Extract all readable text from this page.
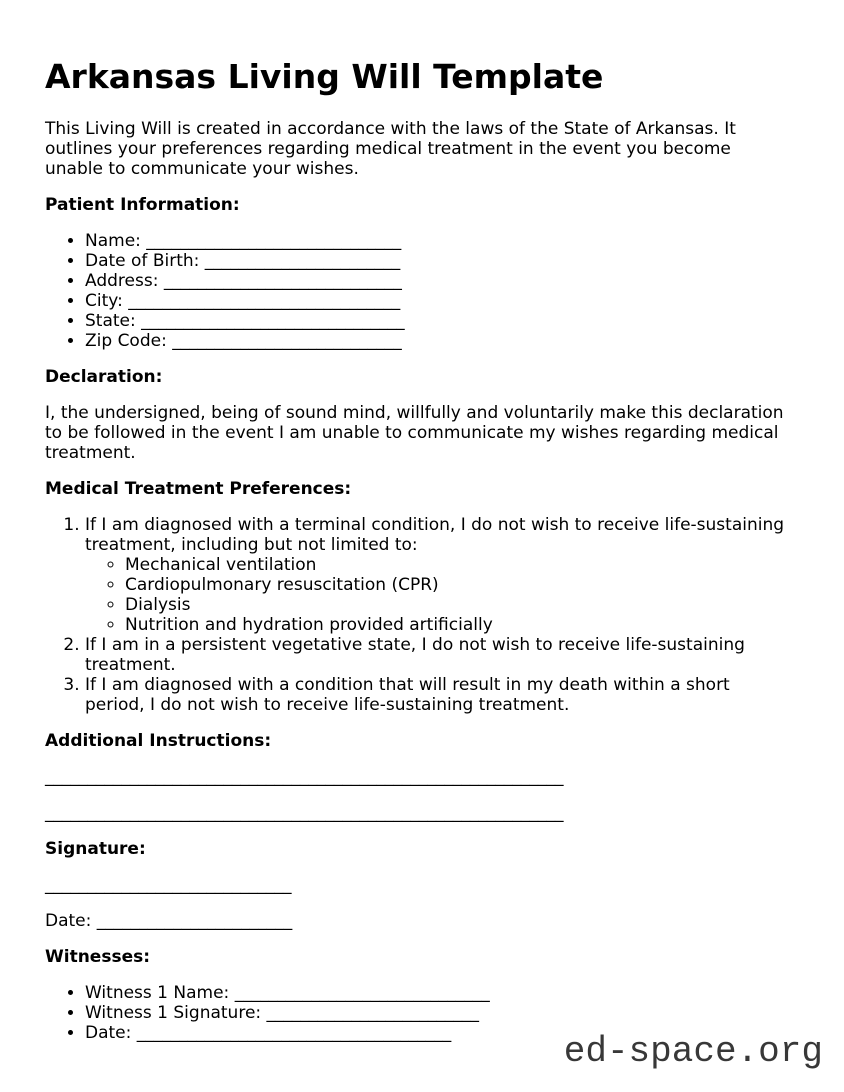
Arkansas Living Will Template

This Living Will is created in accordance with the laws of the State of Arkansas. It outlines your preferences regarding medical treatment in the event you become unable to communicate your wishes.

Patient Information:

• Name: ______________________________
• Date of Birth: _______________________
• Address: ____________________________
• City: ________________________________
• State: _______________________________
• Zip Code: ___________________________

Declaration:

I, the undersigned, being of sound mind, willfully and voluntarily make this declaration to be followed in the event I am unable to communicate my wishes regarding medical treatment.

Medical Treatment Preferences:

1. If I am diagnosed with a terminal condition, I do not wish to receive life-sustaining treatment, including but not limited to:
◦ Mechanical ventilation
◦ Cardiopulmonary resuscitation (CPR)
◦ Dialysis
◦ Nutrition and hydration provided artificially
2. If I am in a persistent vegetative state, I do not wish to receive life-sustaining treatment.
3. If I am diagnosed with a condition that will result in my death within a short period, I do not wish to receive life-sustaining treatment.

Additional Instructions:

_____________________________________________________________

_____________________________________________________________

Signature:

_____________________________

Date: _______________________

Witnesses:

• Witness 1 Name: ______________________________
• Witness 1 Signature: _________________________
• Date: _____________________________________	ed-space.org
